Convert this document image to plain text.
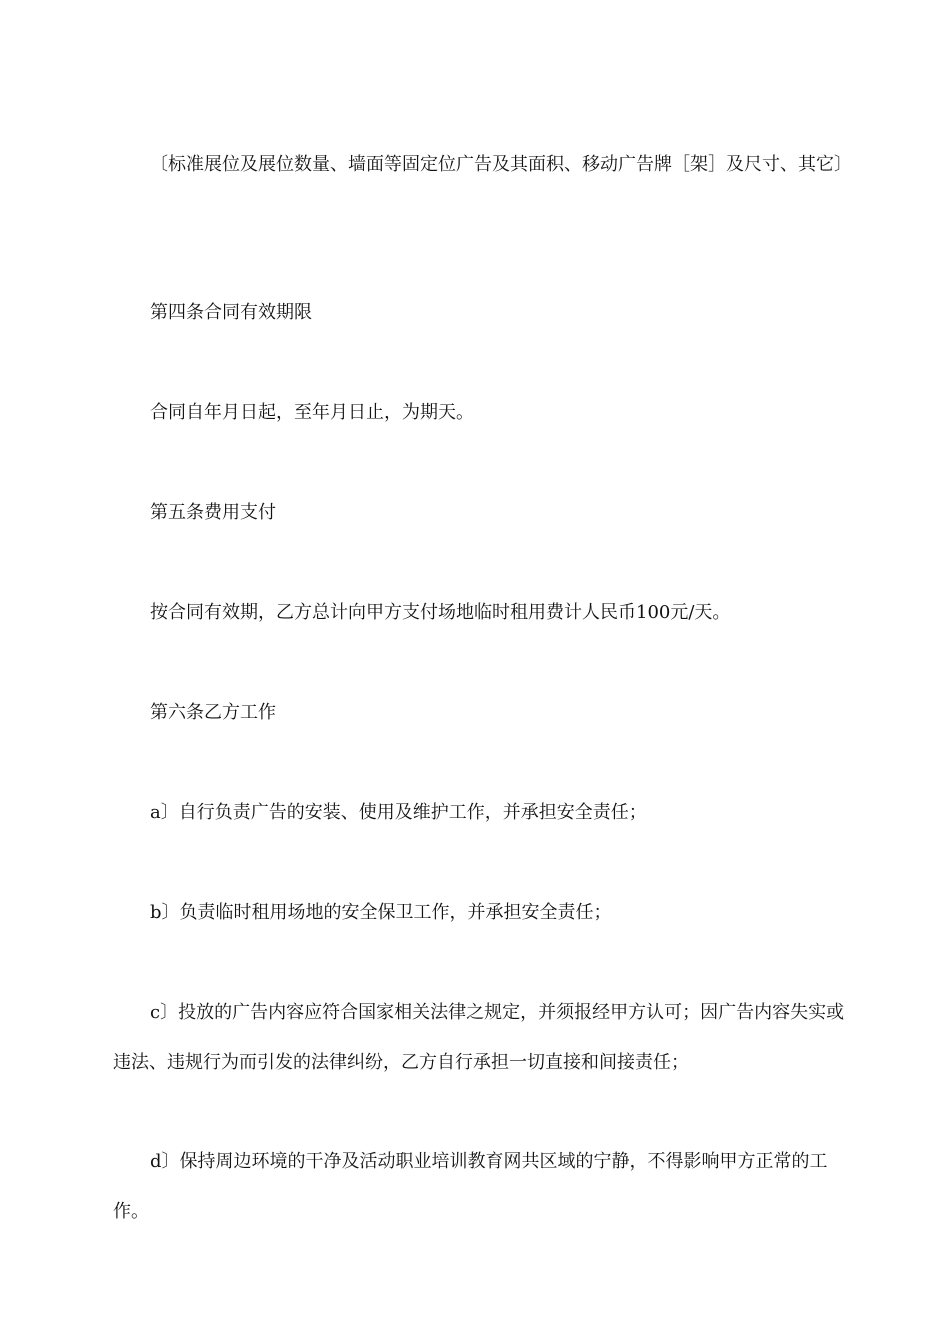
〔标准展位及展位数量、墙面等固定位广告及其面积、移动广告牌［架］及尺寸、其它〕

第四条合同有效期限

合同自年月日起，至年月日止，为期天。

第五条费用支付

按合同有效期，乙方总计向甲方支付场地临时租用费计人民币100元/天。

第六条乙方工作

a〕自行负责广告的安装、使用及维护工作，并承担安全责任；

b〕负责临时租用场地的安全保卫工作，并承担安全责任；

c〕投放的广告内容应符合国家相关法律之规定，并须报经甲方认可；因广告内容失实或违法、违规行为而引发的法律纠纷，乙方自行承担一切直接和间接责任；

d〕保持周边环境的干净及活动职业培训教育网共区域的宁静，不得影响甲方正常的工作。
